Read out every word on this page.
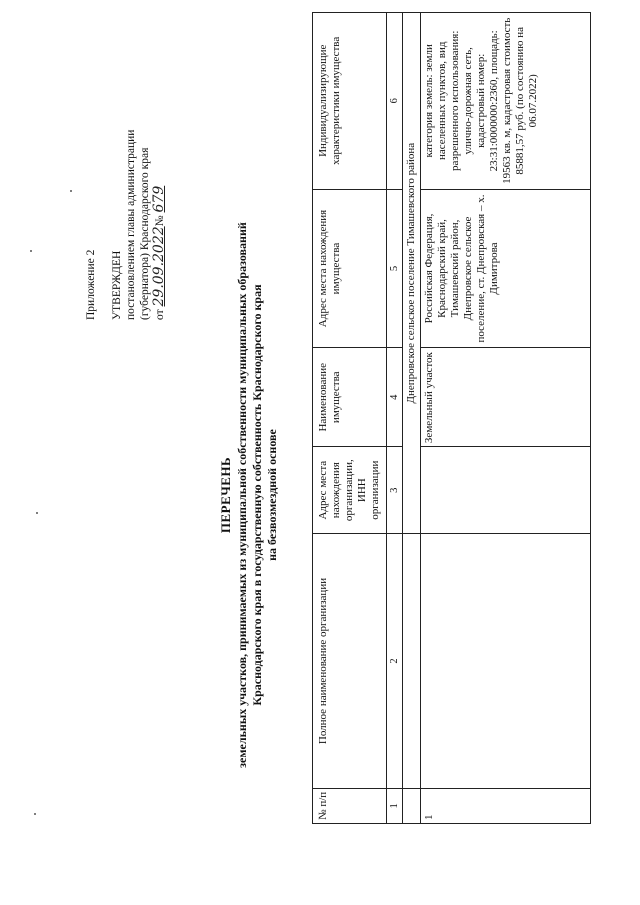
Приложение 2 УТВЕРЖДЕН постановлением главы администрации (губернатора) Краснодарского края от 29.09.2022№ 679
ПЕРЕЧЕНЬ земельных участков, принимаемых из муниципальной собственности муниципальных образований Краснодарского края в государственную собственность Краснодарского края на безвозмездной основе
№ п/п	Полное наименование организации	Адрес места нахождения организации, ИНН организации	Наименование имущества	Адрес места нахождения имущества	Индивидуализирующие характеристики имущества
1	2	3	4	5	6
		Днепровское сельское поселение Тимашевского района			
1			Земельный участок	Российская Федерация, Краснодарский край, Тимашевский район, Днепровское сельское поселение, ст. Днепровская – х. Димитрова	категория земель: земли населенных пунктов, вид разрешенного использования: улично-дорожная сеть, кадастровый номер: 23:31:0000000:2360, площадь: 19563 кв. м, кадастровая стоимость 85881,57 руб. (по состоянию на 06.07.2022)
